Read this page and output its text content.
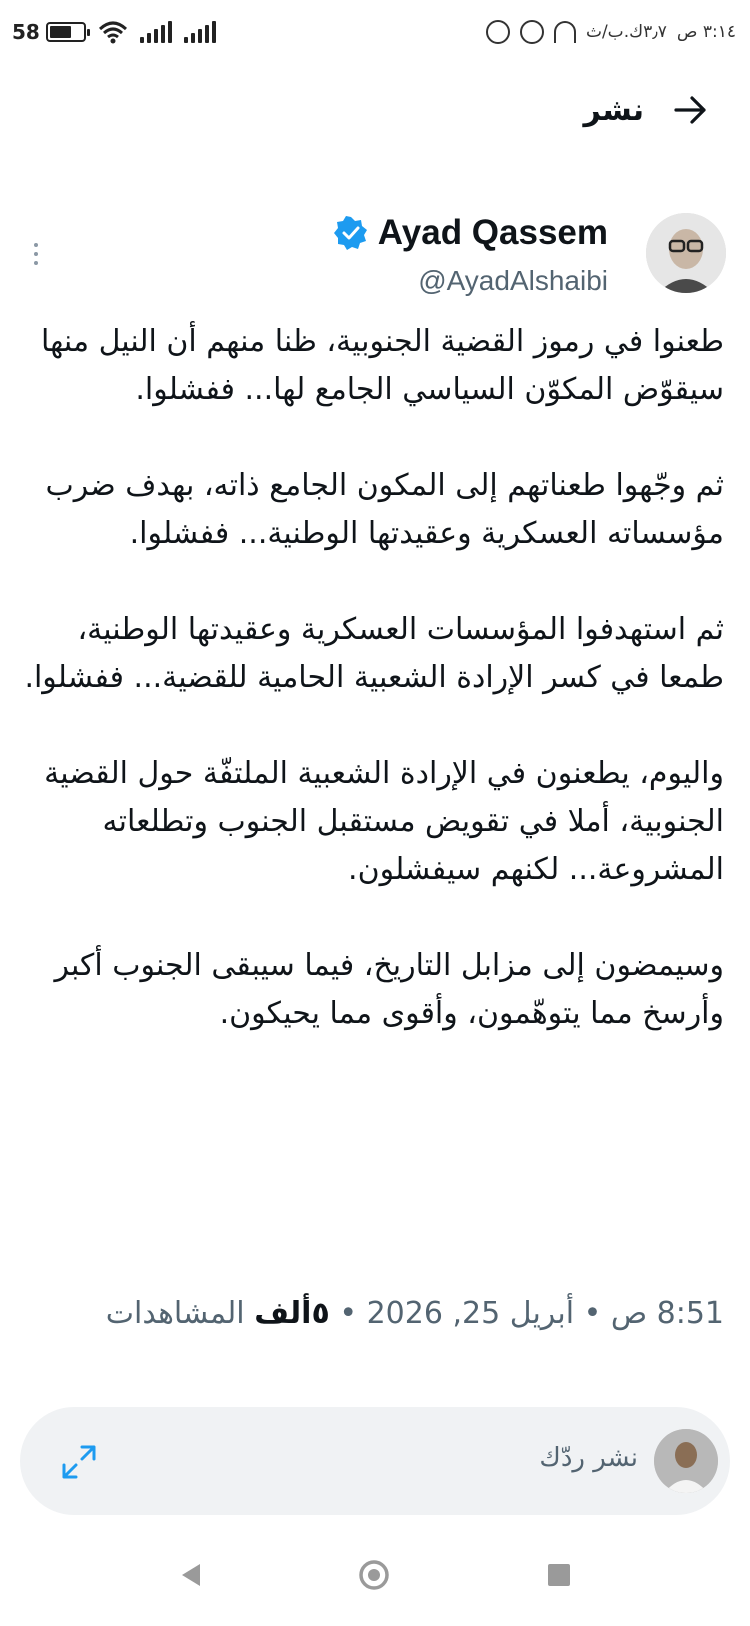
58	٣:١٤ ص
٣٫٧ك.ب/ث
نشر
Ayad Qassem
@AyadAlshaibi
طعنوا في رموز القضية الجنوبية، ظنا منهم أن النيل منها سيقوّض المكوّن السياسي الجامع لها... ففشلوا.
ثم وجّهوا طعناتهم إلى المكون الجامع ذاته، بهدف ضرب مؤسساته العسكرية وعقيدتها الوطنية... ففشلوا.
ثم استهدفوا المؤسسات العسكرية وعقيدتها الوطنية، طمعا في كسر الإرادة الشعبية الحامية للقضية... ففشلوا.
واليوم، يطعنون في الإرادة الشعبية الملتفّة حول القضية الجنوبية، أملا في تقويض مستقبل الجنوب وتطلعاته المشروعة... لكنهم سيفشلون.
وسيمضون إلى مزابل التاريخ، فيما سيبقى الجنوب أكبر وأرسخ مما يتوهّمون، وأقوى مما يحيكون.
8:51 ص • أبريل 25, 2026 • ٥ألف المشاهدات
نشر ردّك
